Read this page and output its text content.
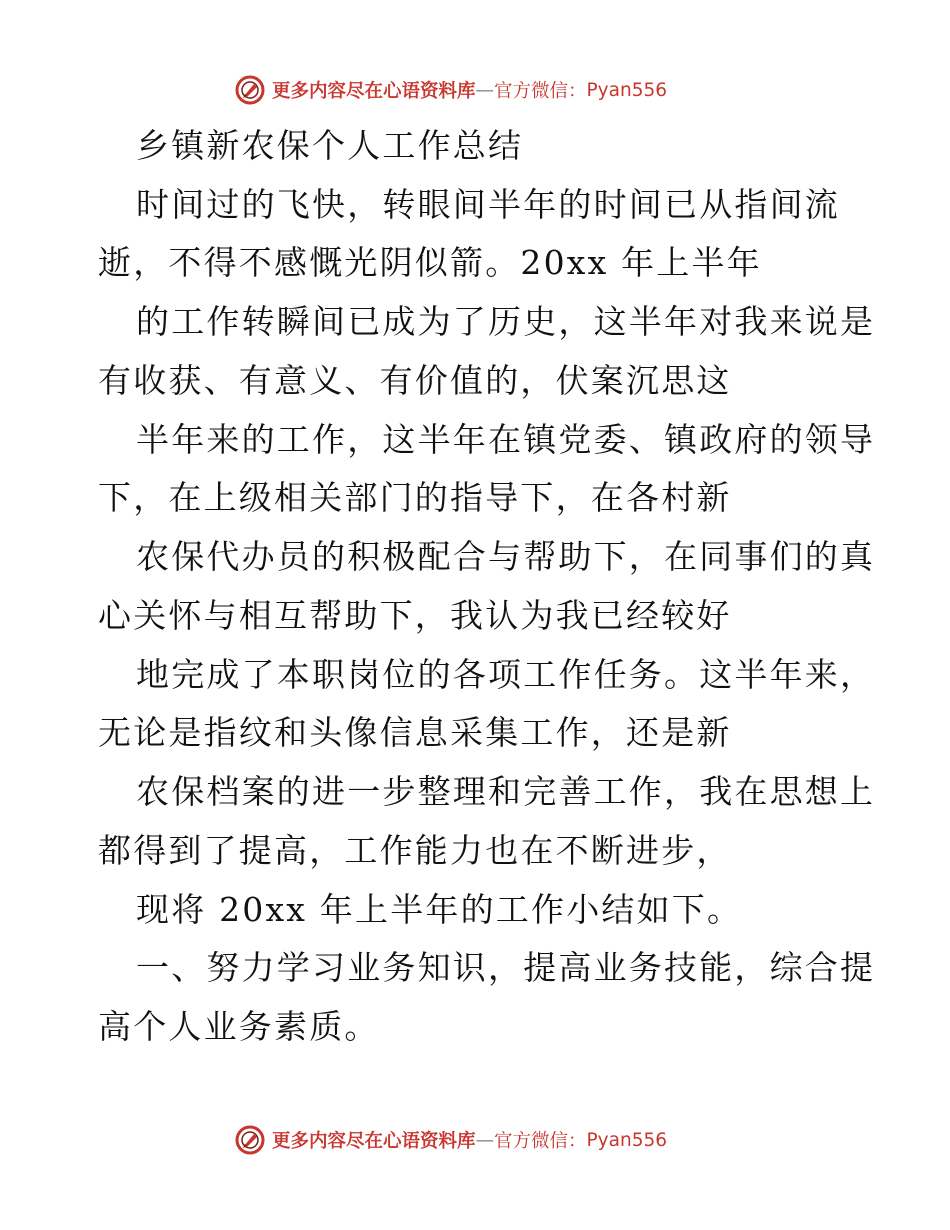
更多内容尽在心语资料库 — 官方微信： Pyan556
乡镇新农保个人工作总结
时间过的飞快，转眼间半年的时间已从指间流
逝，不得不感慨光阴似箭。20xx 年上半年
的工作转瞬间已成为了历史，这半年对我来说是
有收获、有意义、有价值的，伏案沉思这
半年来的工作，这半年在镇党委、镇政府的领导
下，在上级相关部门的指导下，在各村新
农保代办员的积极配合与帮助下，在同事们的真
心关怀与相互帮助下，我认为我已经较好
地完成了本职岗位的各项工作任务。这半年来，
无论是指纹和头像信息采集工作，还是新
农保档案的进一步整理和完善工作，我在思想上
都得到了提高，工作能力也在不断进步，
现将 20xx 年上半年的工作小结如下。
一、努力学习业务知识，提高业务技能，综合提
高个人业务素质。
更多内容尽在心语资料库 — 官方微信： Pyan556
